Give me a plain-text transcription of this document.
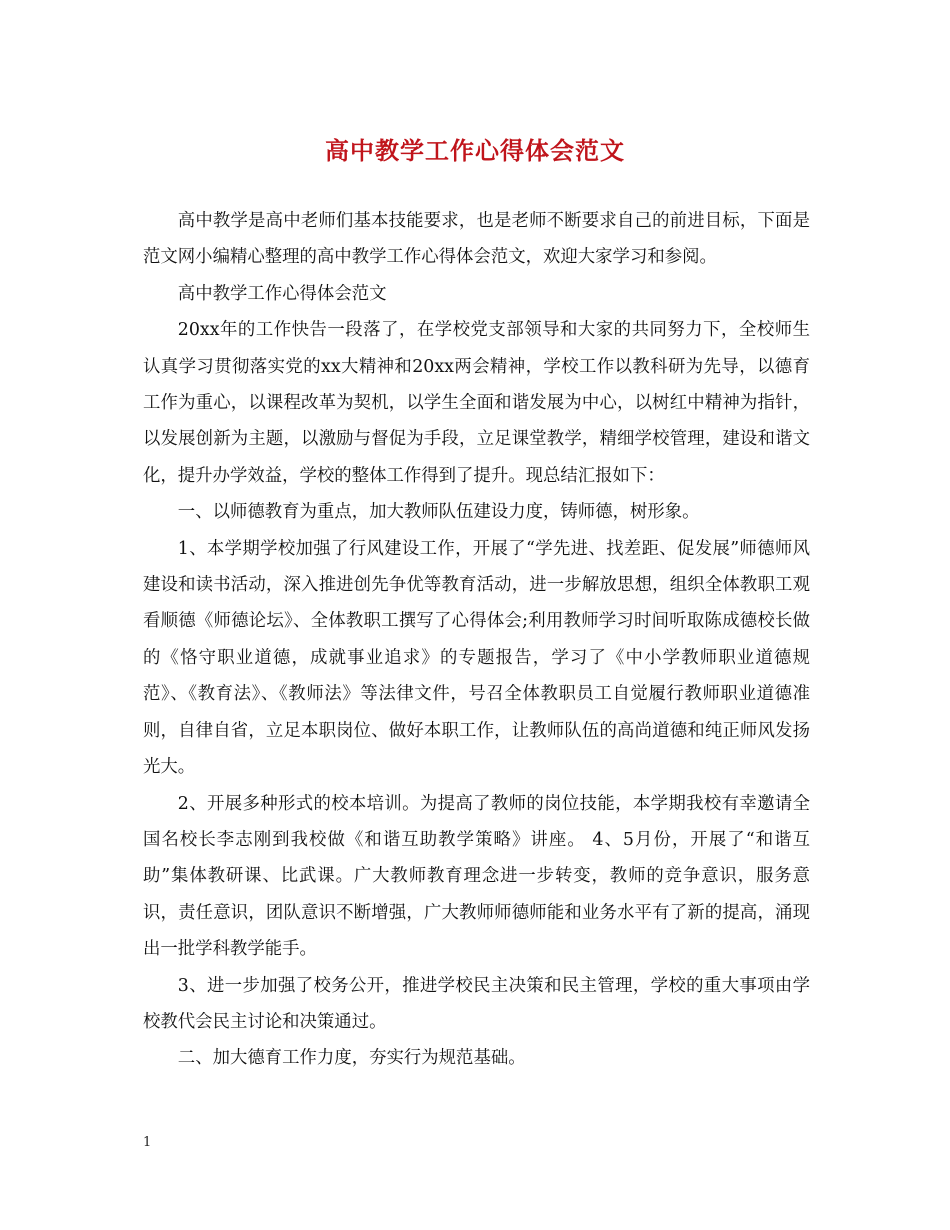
高中教学工作心得体会范文

高中教学是高中老师们基本技能要求，也是老师不断要求自己的前进目标，下面是范文网小编精心整理的高中教学工作心得体会范文，欢迎大家学习和参阅。

高中教学工作心得体会范文

20xx年的工作快告一段落了，在学校党支部领导和大家的共同努力下，全校师生认真学习贯彻落实党的xx大精神和20xx两会精神，学校工作以教科研为先导，以德育工作为重心，以课程改革为契机，以学生全面和谐发展为中心，以树红中精神为指针，以发展创新为主题，以激励与督促为手段，立足课堂教学，精细学校管理，建设和谐文化，提升办学效益，学校的整体工作得到了提升。现总结汇报如下：

一、以师德教育为重点，加大教师队伍建设力度，铸师德，树形象。

1、本学期学校加强了行风建设工作，开展了“学先进、找差距、促发展”师德师风建设和读书活动，深入推进创先争优等教育活动，进一步解放思想，组织全体教职工观看顺德《师德论坛》、全体教职工撰写了心得体会;利用教师学习时间听取陈成德校长做的《恪守职业道德，成就事业追求》的专题报告，学习了《中小学教师职业道德规范》、《教育法》、《教师法》等法律文件，号召全体教职员工自觉履行教师职业道德准则，自律自省，立足本职岗位、做好本职工作，让教师队伍的高尚道德和纯正师风发扬光大。

2、开展多种形式的校本培训。为提高了教师的岗位技能，本学期我校有幸邀请全国名校长李志刚到我校做《和谐互助教学策略》讲座。 4、5月份，开展了“和谐互助”集体教研课、比武课。广大教师教育理念进一步转变，教师的竞争意识，服务意识，责任意识，团队意识不断增强，广大教师师德师能和业务水平有了新的提高，涌现出一批学科教学能手。

3、进一步加强了校务公开，推进学校民主决策和民主管理，学校的重大事项由学校教代会民主讨论和决策通过。

二、加大德育工作力度，夯实行为规范基础。

1
